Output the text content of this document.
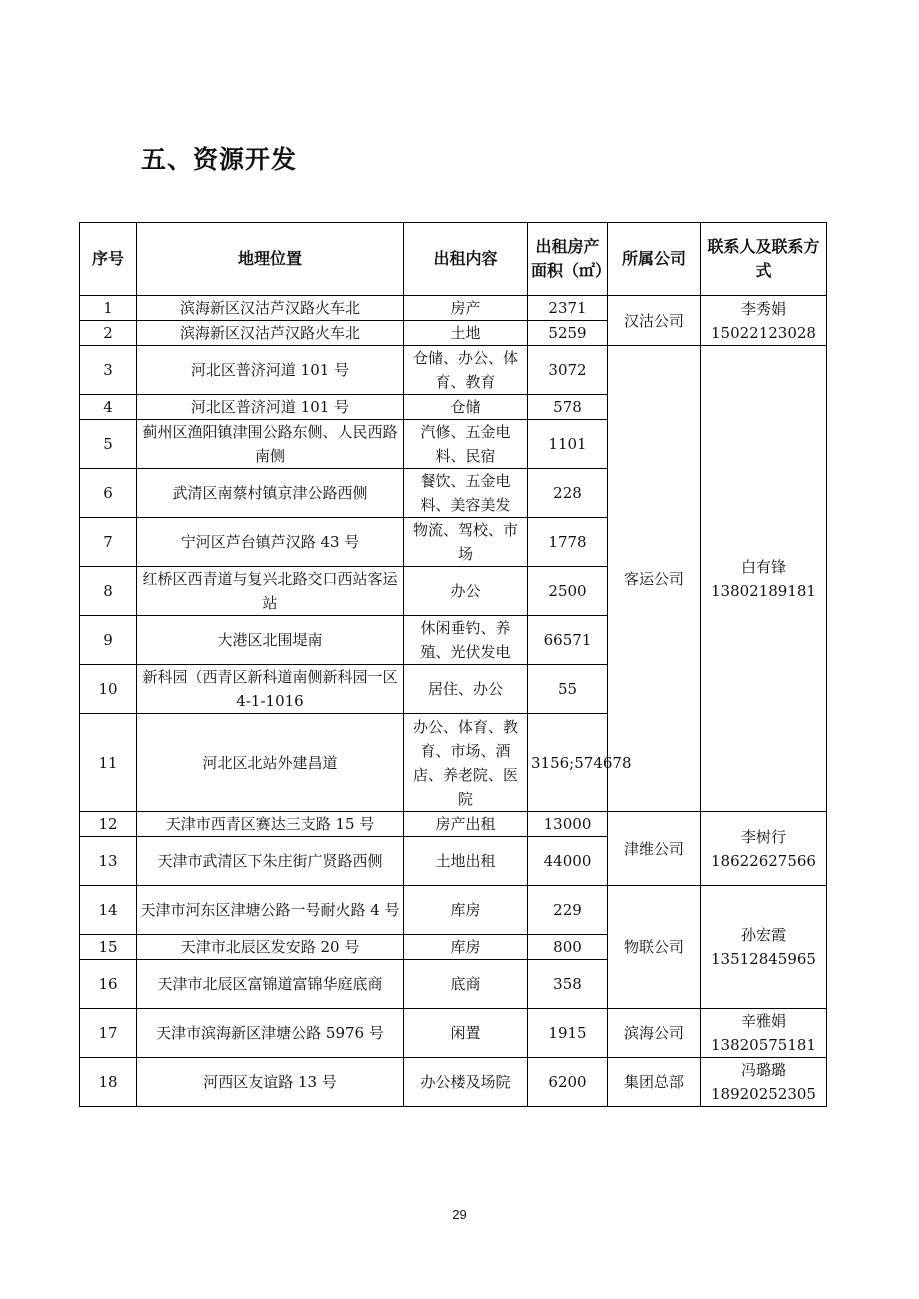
五、资源开发
序号	地理位置	出租内容	出租房产面积（㎡）	所属公司	联系人及联系方式
1	滨海新区汉沽芦汉路火车北	房产	2371	汉沽公司	李秀娟
15022123028
2	滨海新区汉沽芦汉路火车北	土地	5259		
3	河北区普济河道 101 号	仓储、办公、体育、教育	3072	客运公司	白有锋
13802189181
4	河北区普济河道 101 号	仓储	578		
5	蓟州区渔阳镇津围公路东侧、人民西路南侧	汽修、五金电料、民宿	1101		
6	武清区南蔡村镇京津公路西侧	餐饮、五金电料、美容美发	228		
7	宁河区芦台镇芦汉路 43 号	物流、驾校、市场	1778		
8	红桥区西青道与复兴北路交口西站客运站	办公	2500		
9	大港区北围堤南	休闲垂钓、养殖、光伏发电	66571		
10	新科园（西青区新科道南侧新科园一区 4-1-1016	居住、办公	55		
11	河北区北站外建昌道	办公、体育、教育、市场、酒店、养老院、医院	3156;574678		
12	天津市西青区赛达三支路 15 号	房产出租	13000	津维公司	李树行
18622627566
13	天津市武清区下朱庄街广贤路西侧	土地出租	44000		
14	天津市河东区津塘公路一号耐火路 4 号	库房	229	物联公司	孙宏霞
13512845965
15	天津市北辰区发安路 20 号	库房	800		
16	天津市北辰区富锦道富锦华庭底商	底商	358		
17	天津市滨海新区津塘公路 5976 号	闲置	1915	滨海公司	辛雅娟
13820575181
18	河西区友谊路 13 号	办公楼及场院	6200	集团总部	冯璐璐
18920252305
29
